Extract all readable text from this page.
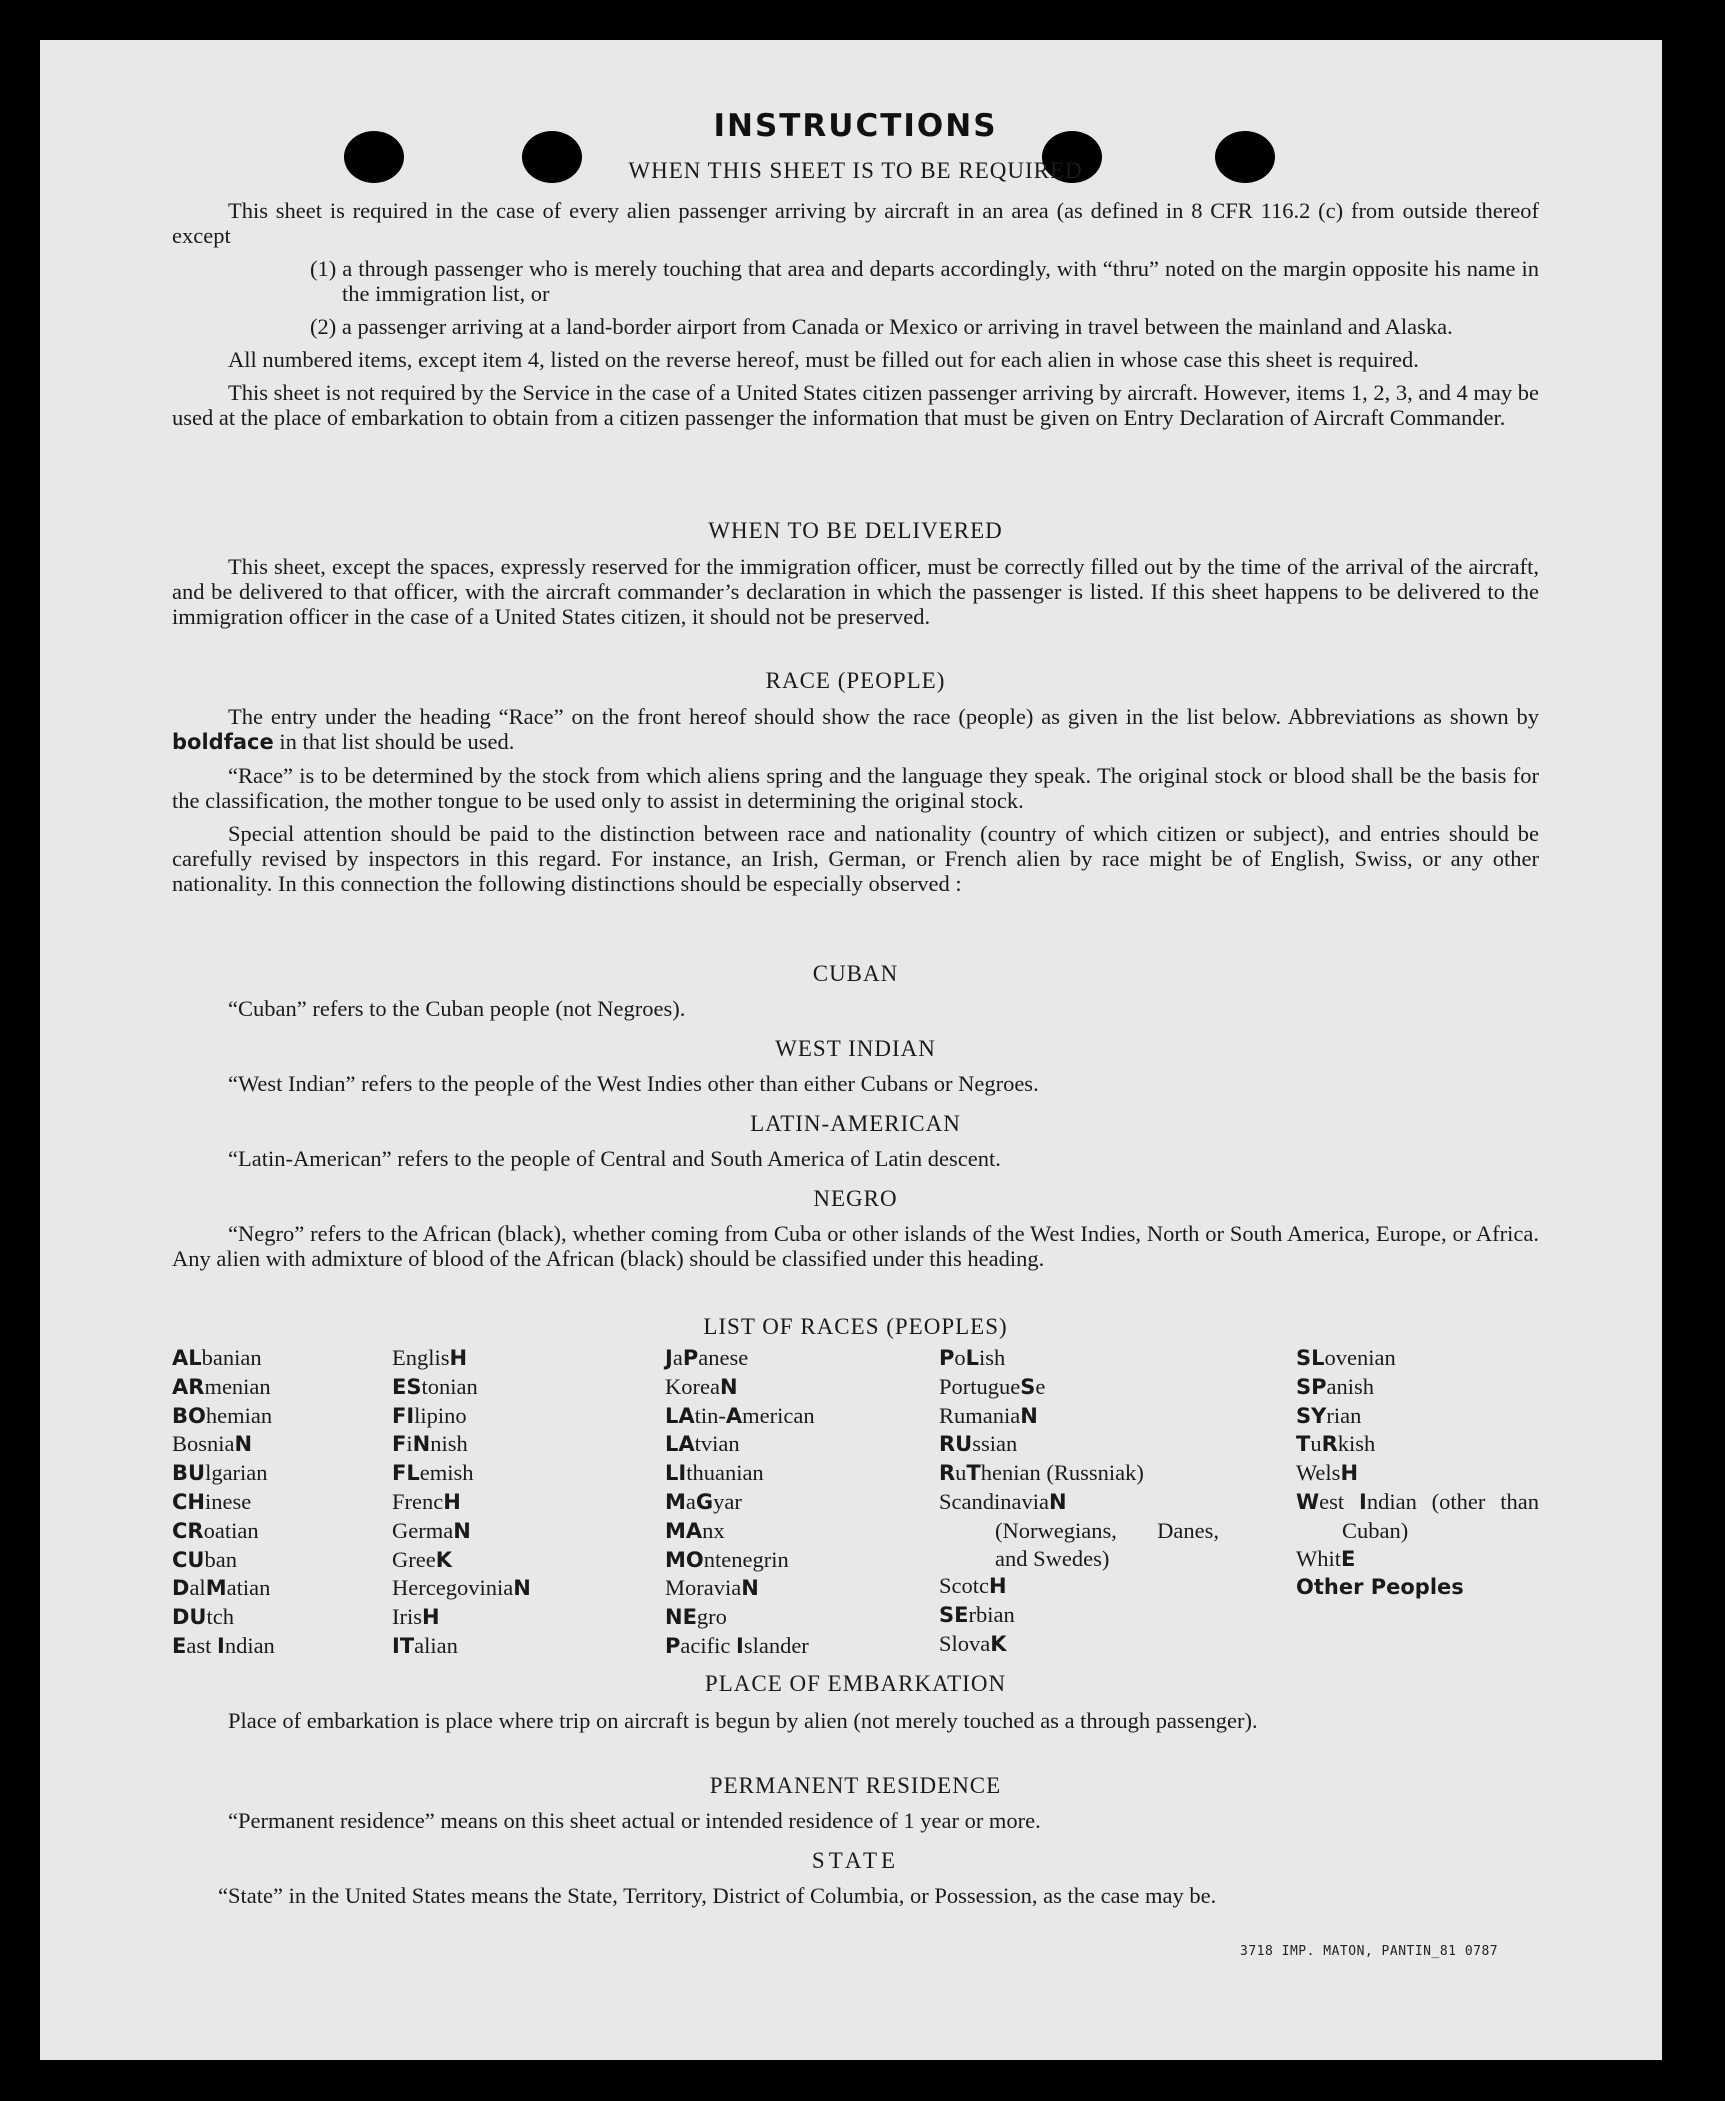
INSTRUCTIONS

WHEN THIS SHEET IS TO BE REQUIRED

This sheet is required in the case of every alien passenger arriving by aircraft in an area (as defined in 8 CFR 116.2 (c) from outside thereof except

(1) a through passenger who is merely touching that area and departs accordingly, with “thru” noted on the margin opposite his name in the immigration list, or

(2) a passenger arriving at a land-border airport from Canada or Mexico or arriving in travel between the mainland and Alaska.

All numbered items, except item 4, listed on the reverse hereof, must be filled out for each alien in whose case this sheet is required.

This sheet is not required by the Service in the case of a United States citizen passenger arriving by aircraft. However, items 1, 2, 3, and 4 may be used at the place of embarkation to obtain from a citizen passenger the information that must be given on Entry Declaration of Aircraft Commander.

WHEN TO BE DELIVERED

This sheet, except the spaces, expressly reserved for the immigration officer, must be correctly filled out by the time of the arrival of the aircraft, and be delivered to that officer, with the aircraft commander’s declaration in which the passenger is listed. If this sheet happens to be delivered to the immigration officer in the case of a United States citizen, it should not be preserved.

RACE (PEOPLE)

The entry under the heading “Race” on the front hereof should show the race (people) as given in the list below. Abbreviations as shown by boldface in that list should be used.

“Race” is to be determined by the stock from which aliens spring and the language they speak. The original stock or blood shall be the basis for the classification, the mother tongue to be used only to assist in determining the original stock.

Special attention should be paid to the distinction between race and nationality (country of which citizen or subject), and entries should be carefully revised by inspectors in this regard. For instance, an Irish, German, or French alien by race might be of English, Swiss, or any other nationality. In this connection the following distinctions should be especially observed :

CUBAN

“Cuban” refers to the Cuban people (not Negroes).

WEST INDIAN

“West Indian” refers to the people of the West Indies other than either Cubans or Negroes.

LATIN-AMERICAN

“Latin-American” refers to the people of Central and South America of Latin descent.

NEGRO

“Negro” refers to the African (black), whether coming from Cuba or other islands of the West Indies, North or South America, Europe, or Africa. Any alien with admixture of blood of the African (black) should be classified under this heading.

LIST OF RACES (PEOPLES)

ALbanian
ARmenian
BOhemian
BosniaN
BUlgarian
CHinese
CRoatian
CUban
DalMatian
DUtch
East Indian
EnglisH
EStonian
FIlipino
FiNnish
FLemish
FrencH
GermaN
GreeK
HercegoviniaN
IrisH
ITalian
JaPanese
KoreaN
LAtin-American
LAtvian
LIthuanian
MaGyar
MAnx
MOntenegrin
MoraviaN
NEgro
Pacific Islander
PoLish
PortugueSe
RumaniaN
RUssian
RuThenian (Russniak)
ScandinaviaN
(Norwegians, Danes, and Swedes)
ScotcH
SErbian
SlovaK
SLovenian
SPanish
SYrian
TuRkish
WelsH
West Indian (other than Cuban)
WhitE
Other Peoples

PLACE OF EMBARKATION

Place of embarkation is place where trip on aircraft is begun by alien (not merely touched as a through passenger).

PERMANENT RESIDENCE

“Permanent residence” means on this sheet actual or intended residence of 1 year or more.

STATE

“State” in the United States means the State, Territory, District of Columbia, or Possession, as the case may be.

3718 IMP. MATON, PANTIN_81 0787
